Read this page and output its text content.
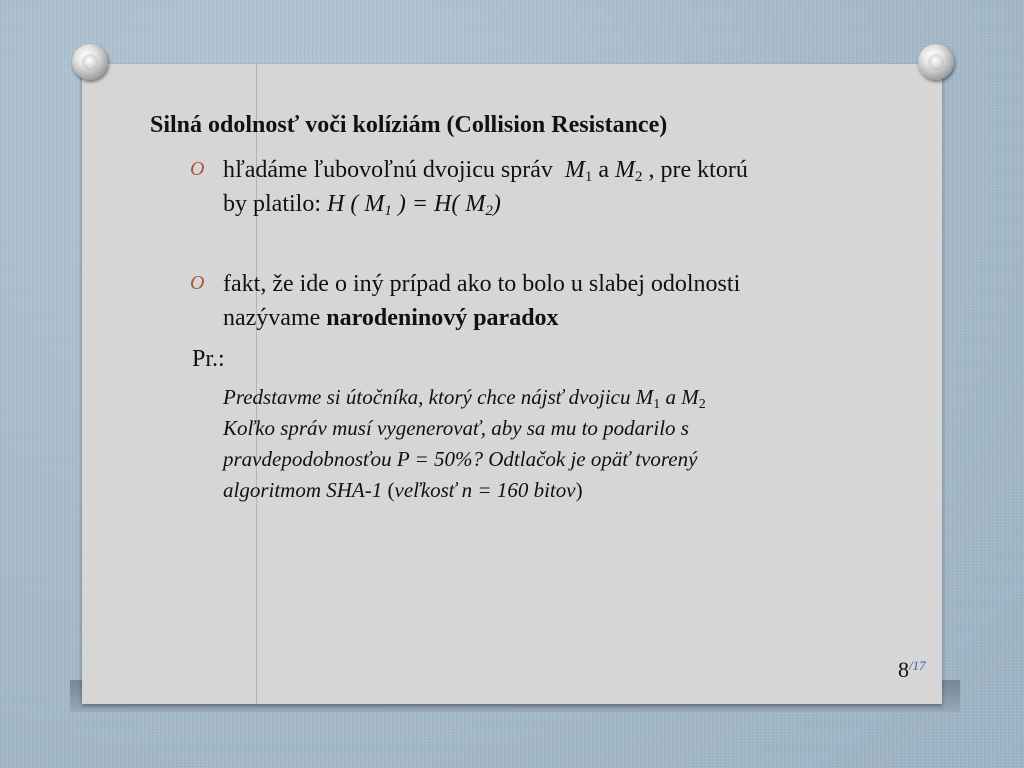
Silná odolnosť voči kolíziám (Collision Resistance)
O hľadáme ľubovoľnú dvojicu správ $M_1$ a $M_2$ , pre ktorú
by platilo: H ( $M_1$ ) = H( $M_2$)
O fakt, že ide o iný prípad ako to bolo u slabej odolnosti
nazývame narodeninový paradox
Pr.:
Predstavme si útočníka, ktorý chce nájsť dvojicu $M_1$ a $M_2$
Koľko správ musí vygenerovať, aby sa mu to podarilo s
pravdepodobnosťou P = 50%? Odtlačok je opäť tvorený
algoritmom SHA-1 (veľkosť n = 160 bitov)
$8^{/17}$
